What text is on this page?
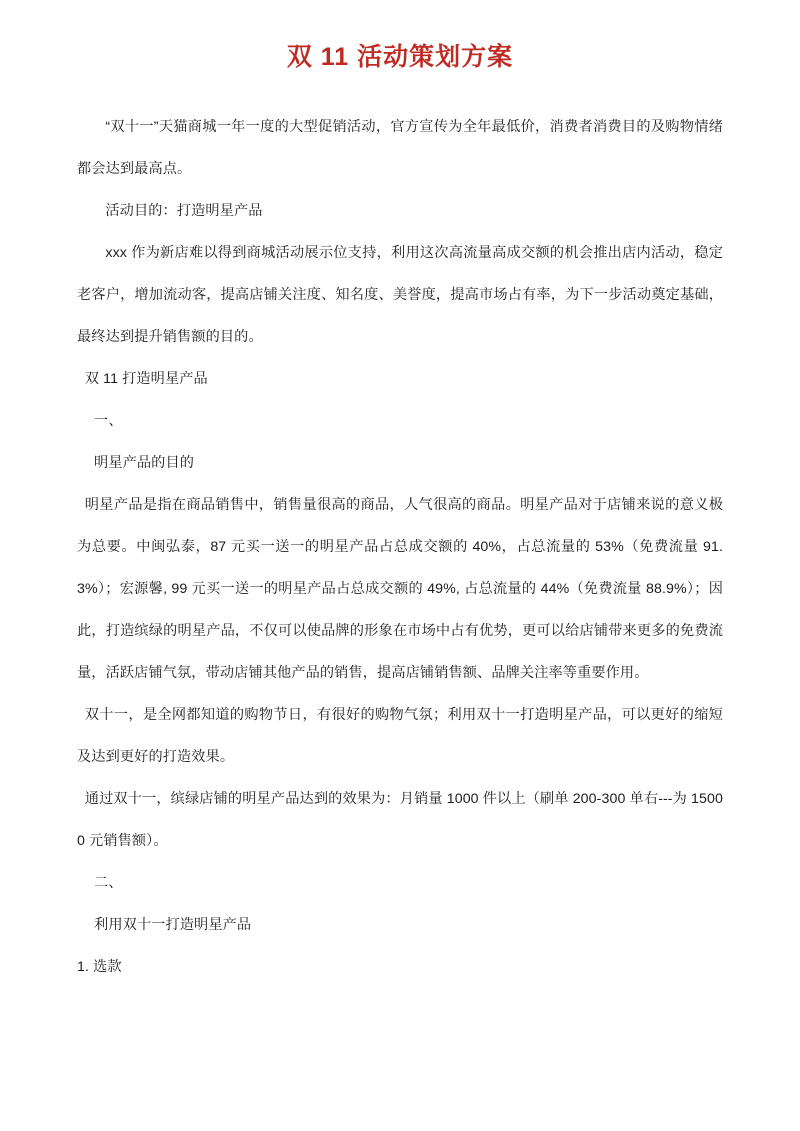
双 11 活动策划方案

“双十一”天猫商城一年一度的大型促销活动，官方宣传为全年最低价，消费者消费目的及购物情绪都会达到最高点。

活动目的：打造明星产品

xxx 作为新店难以得到商城活动展示位支持，利用这次高流量高成交额的机会推出店内活动，稳定老客户，增加流动客，提高店铺关注度、知名度、美誉度，提高市场占有率，为下一步活动奠定基础，最终达到提升销售额的目的。

双 11 打造明星产品

一、

明星产品的目的

明星产品是指在商品销售中，销售量很高的商品，人气很高的商品。明星产品对于店铺来说的意义极为总要。中闽弘泰，87 元买一送一的明星产品占总成交额的 40%，占总流量的 53%（免费流量 91.3%）；宏源馨, 99 元买一送一的明星产品占总成交额的 49%, 占总流量的 44%（免费流量 88.9%）；因此，打造缤绿的明星产品，不仅可以使品牌的形象在市场中占有优势，更可以给店铺带来更多的免费流量，活跃店铺气氛，带动店铺其他产品的销售，提高店铺销售额、品牌关注率等重要作用。

双十一，是全网都知道的购物节日，有很好的购物气氛；利用双十一打造明星产品，可以更好的缩短及达到更好的打造效果。

通过双十一，缤绿店铺的明星产品达到的效果为：月销量 1000 件以上（刷单 200-300 单右---为 15000 元销售额）。

二、

利用双十一打造明星产品

1. 选款
